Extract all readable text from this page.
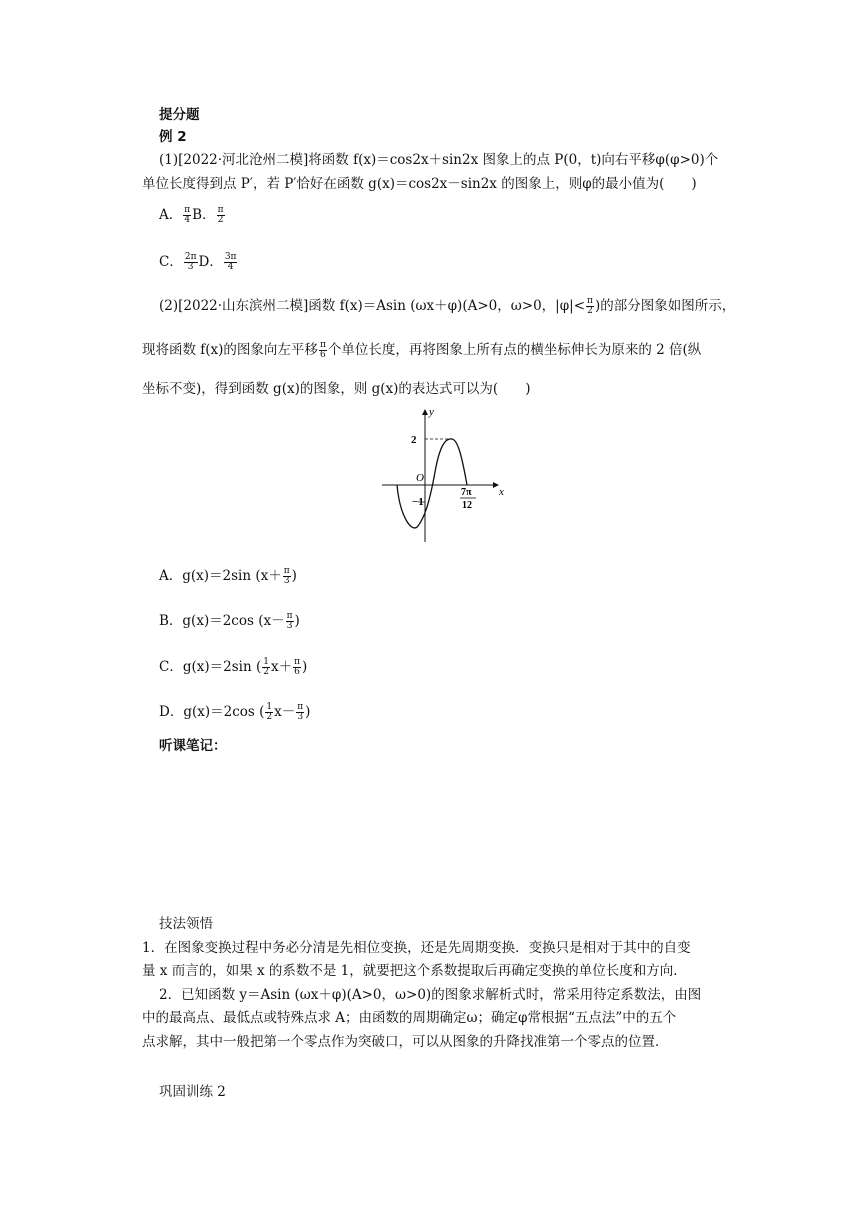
提分题
例 2
(1)[2022·河北沧州二模]将函数 f(x)＝cos2x＋sin2x 图象上的点 P(0，t)向右平移φ(φ>0)个
单位长度得到点 P′，若 P′恰好在函数 g(x)＝cos2x－sin2x 的图象上，则φ的最小值为(　　)
A． $\frac{\pi}{4}$ B． $\frac{\pi}{2}$
C． $\frac{2\pi}{3}$ D． $\frac{3\pi}{4}$
(2)[2022·山东滨州二模]函数 f(x)＝Asin (ωx＋φ)(A>0，ω>0，$|\varphi|< \frac{\pi}{2}$ )的部分图象如图所示，
现将函数 f(x)的图象向左平移 $\frac{\pi}{6}$ 个单位长度，再将图象上所有点的横坐标伸长为原来的 2 倍(纵
坐标不变)，得到函数 g(x)的图象，则 g(x)的表达式可以为(　　)
y
x
O
2
−1
7π
12
A．g(x)＝2sin ($x+ \frac{\pi}{3}$ )
B．g(x)＝2cos ($x- \frac{\pi}{3}$ )
C．g(x)＝2sin ( $\frac{1}{2} x+ \frac{\pi}{6}$ )
D．g(x)＝2cos ( $\frac{1}{2} x- \frac{\pi}{3}$ )
听课笔记：
技法领悟
1．在图象变换过程中务必分清是先相位变换，还是先周期变换．变换只是相对于其中的自变
量 x 而言的，如果 x 的系数不是 1，就要把这个系数提取后再确定变换的单位长度和方向．
2．已知函数 y＝Asin (ωx＋φ)(A>0，ω>0)的图象求解析式时，常采用待定系数法，由图
中的最高点、最低点或特殊点求 A；由函数的周期确定ω；确定φ常根据“五点法”中的五个
点求解，其中一般把第一个零点作为突破口，可以从图象的升降找准第一个零点的位置．
巩固训练 2
